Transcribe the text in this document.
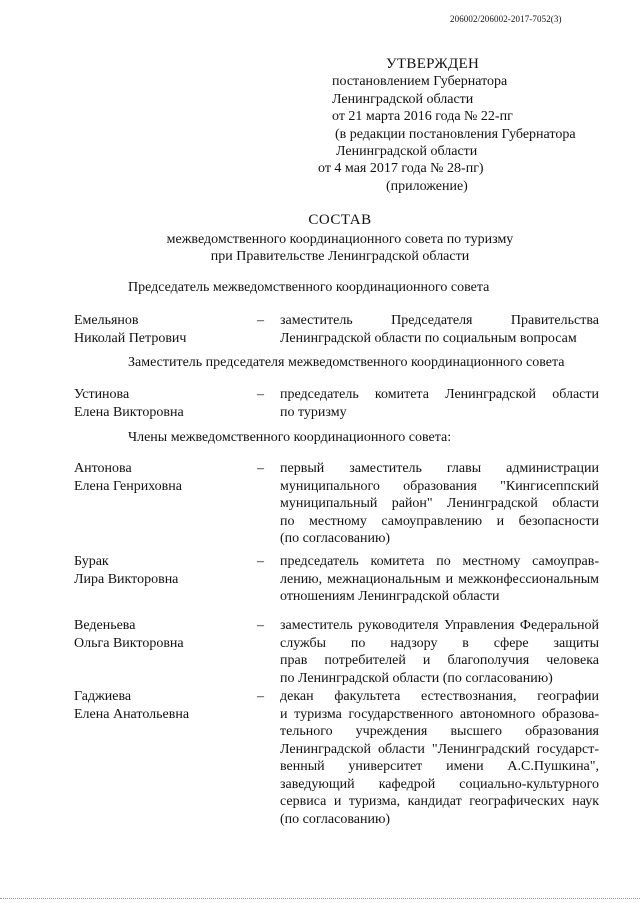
206002/206002-2017-7052(3)
УТВЕРЖДЕН
постановлением Губернатора
Ленинградской области
от 21 марта 2016 года № 22-пг
(в редакции постановления Губернатора
Ленинградской области
от 4 мая 2017 года № 28-пг)
(приложение)
СОСТАВ
межведомственного координационного совета по туризму
при Правительстве Ленинградской области
Председатель межведомственного координационного совета
Емельянов
Николай Петрович
– заместитель Председателя Правительства
Ленинградской области по социальным вопросам
Заместитель председателя межведомственного координационного совета
Устинова
Елена Викторовна
– председатель комитета Ленинградской области
по туризму
Члены межведомственного координационного совета:
Антонова
Елена Генриховна
– первый заместитель главы администрации
муниципального образования "Кингисеппский
муниципальный район" Ленинградской области
по местному самоуправлению и безопасности
(по согласованию)
Бурак
Лира Викторовна
– председатель комитета по местному самоуправ-
лению, межнациональным и межконфессиональным
отношениям Ленинградской области
Веденьева
Ольга Викторовна
– заместитель руководителя Управления Федеральной
службы по надзору в сфере защиты
прав потребителей и благополучия человека
по Ленинградской области (по согласованию)
Гаджиева
Елена Анатольевна
– декан факультета естествознания, географии
и туризма государственного автономного образова-
тельного учреждения высшего образования
Ленинградской области "Ленинградский государст-
венный университет имени А.С.Пушкина",
заведующий кафедрой социально-культурного
сервиса и туризма, кандидат географических наук
(по согласованию)
